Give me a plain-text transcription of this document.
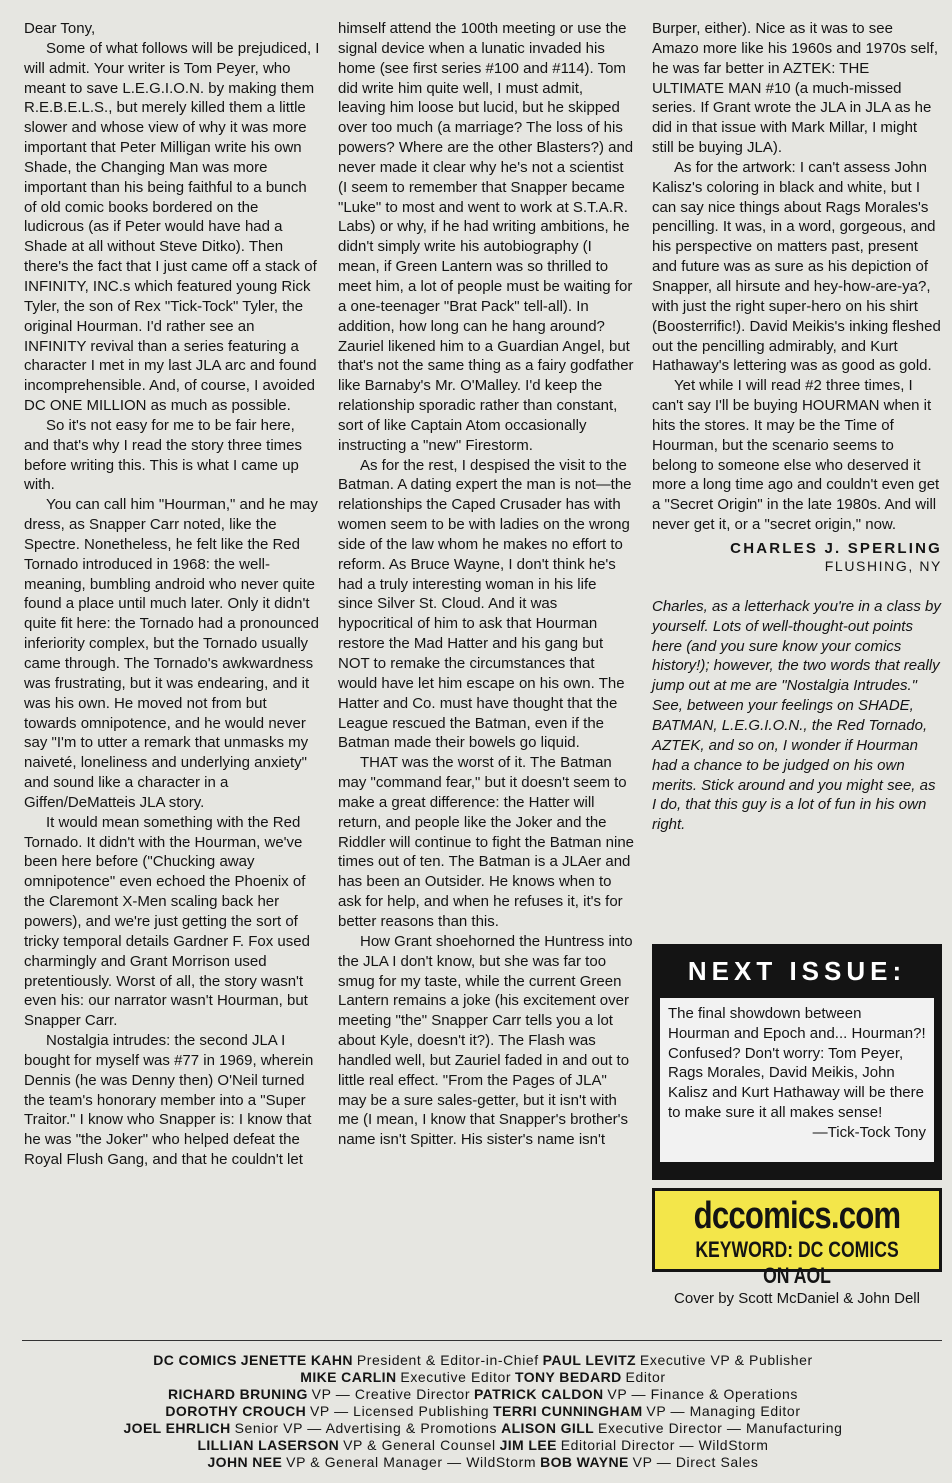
Dear Tony,

Some of what follows will be prejudiced, I will admit. Your writer is Tom Peyer, who meant to save L.E.G.I.O.N. by making them R.E.B.E.L.S., but merely killed them a little slower and whose view of why it was more important that Peter Milligan write his own Shade, the Changing Man was more important than his being faithful to a bunch of old comic books bordered on the ludicrous (as if Peter would have had a Shade at all without Steve Ditko). Then there's the fact that I just came off a stack of INFINITY, INC.s which featured young Rick Tyler, the son of Rex "Tick-Tock" Tyler, the original Hourman. I'd rather see an INFINITY revival than a series featuring a character I met in my last JLA arc and found incomprehensible. And, of course, I avoided DC ONE MILLION as much as possible.

So it's not easy for me to be fair here, and that's why I read the story three times before writing this. This is what I came up with.

You can call him "Hourman," and he may dress, as Snapper Carr noted, like the Spectre. Nonetheless, he felt like the Red Tornado introduced in 1968: the well-meaning, bumbling android who never quite found a place until much later. Only it didn't quite fit here: the Tornado had a pronounced inferiority complex, but the Tornado usually came through. The Tornado's awkwardness was frustrating, but it was endearing, and it was his own. He moved not from but towards omnipotence, and he would never say "I'm to utter a remark that unmasks my naiveté, loneliness and underlying anxiety" and sound like a character in a Giffen/DeMatteis JLA story.

It would mean something with the Red Tornado. It didn't with the Hourman, we've been here before ("Chucking away omnipotence" even echoed the Phoenix of the Claremont X-Men scaling back her powers), and we're just getting the sort of tricky temporal details Gardner F. Fox used charmingly and Grant Morrison used pretentiously. Worst of all, the story wasn't even his: our narrator wasn't Hourman, but Snapper Carr.

Nostalgia intrudes: the second JLA I bought for myself was #77 in 1969, wherein Dennis (he was Denny then) O'Neil turned the team's honorary member into a "Super Traitor." I know who Snapper is: I know that he was "the Joker" who helped defeat the Royal Flush Gang, and that he couldn't let

himself attend the 100th meeting or use the signal device when a lunatic invaded his home (see first series #100 and #114). Tom did write him quite well, I must admit, leaving him loose but lucid, but he skipped over too much (a marriage? The loss of his powers? Where are the other Blasters?) and never made it clear why he's not a scientist (I seem to remember that Snapper became "Luke" to most and went to work at S.T.A.R. Labs) or why, if he had writing ambitions, he didn't simply write his autobiography (I mean, if Green Lantern was so thrilled to meet him, a lot of people must be waiting for a one-teenager "Brat Pack" tell-all). In addition, how long can he hang around? Zauriel likened him to a Guardian Angel, but that's not the same thing as a fairy godfather like Barnaby's Mr. O'Malley. I'd keep the relationship sporadic rather than constant, sort of like Captain Atom occasionally instructing a "new" Firestorm.

As for the rest, I despised the visit to the Batman. A dating expert the man is not—the relationships the Caped Crusader has with women seem to be with ladies on the wrong side of the law whom he makes no effort to reform. As Bruce Wayne, I don't think he's had a truly interesting woman in his life since Silver St. Cloud. And it was hypocritical of him to ask that Hourman restore the Mad Hatter and his gang but NOT to remake the circumstances that would have let him escape on his own. The Hatter and Co. must have thought that the League rescued the Batman, even if the Batman made their bowels go liquid.

THAT was the worst of it. The Batman may "command fear," but it doesn't seem to make a great difference: the Hatter will return, and people like the Joker and the Riddler will continue to fight the Batman nine times out of ten. The Batman is a JLAer and has been an Outsider. He knows when to ask for help, and when he refuses it, it's for better reasons than this.

How Grant shoehorned the Huntress into the JLA I don't know, but she was far too smug for my taste, while the current Green Lantern remains a joke (his excitement over meeting "the" Snapper Carr tells you a lot about Kyle, doesn't it?). The Flash was handled well, but Zauriel faded in and out to little real effect. "From the Pages of JLA" may be a sure sales-getter, but it isn't with me (I mean, I know that Snapper's brother's name isn't Spitter. His sister's name isn't

Burper, either). Nice as it was to see Amazo more like his 1960s and 1970s self, he was far better in AZTEK: THE ULTIMATE MAN #10 (a much-missed series. If Grant wrote the JLA in JLA as he did in that issue with Mark Millar, I might still be buying JLA).

As for the artwork: I can't assess John Kalisz's coloring in black and white, but I can say nice things about Rags Morales's pencilling. It was, in a word, gorgeous, and his perspective on matters past, present and future was as sure as his depiction of Snapper, all hirsute and hey-how-are-ya?, with just the right super-hero on his shirt (Boosterrific!). David Meikis's inking fleshed out the pencilling admirably, and Kurt Hathaway's lettering was as good as gold.

Yet while I will read #2 three times, I can't say I'll be buying HOURMAN when it hits the stores. It may be the Time of Hourman, but the scenario seems to belong to someone else who deserved it more a long time ago and couldn't even get a "Secret Origin" in the late 1980s. And will never get it, or a "secret origin," now.

CHARLES J. SPERLING
FLUSHING, NY

Charles, as a letterhack you're in a class by yourself. Lots of well-thought-out points here (and you sure know your comics history!); however, the two words that really jump out at me are "Nostalgia Intrudes." See, between your feelings on SHADE, BATMAN, L.E.G.I.O.N., the Red Tornado, AZTEK, and so on, I wonder if Hourman had a chance to be judged on his own merits. Stick around and you might see, as I do, that this guy is a lot of fun in his own right.

NEXT ISSUE:
The final showdown between Hourman and Epoch and... Hourman?! Confused? Don't worry: Tom Peyer, Rags Morales, David Meikis, John Kalisz and Kurt Hathaway will be there to make sure it all makes sense!
—Tick-Tock Tony
dccomics.com
KEYWORD: DC COMICS ON AOL
Cover by Scott McDaniel & John Dell
DC COMICS JENETTE KAHN President & Editor-in-Chief PAUL LEVITZ Executive VP & Publisher
MIKE CARLIN Executive Editor TONY BEDARD Editor
RICHARD BRUNING VP — Creative Director PATRICK CALDON VP — Finance & Operations
DOROTHY CROUCH VP — Licensed Publishing TERRI CUNNINGHAM VP — Managing Editor
JOEL EHRLICH Senior VP — Advertising & Promotions ALISON GILL Executive Director — Manufacturing
LILLIAN LASERSON VP & General Counsel JIM LEE Editorial Director — WildStorm
JOHN NEE VP & General Manager — WildStorm BOB WAYNE VP — Direct Sales
